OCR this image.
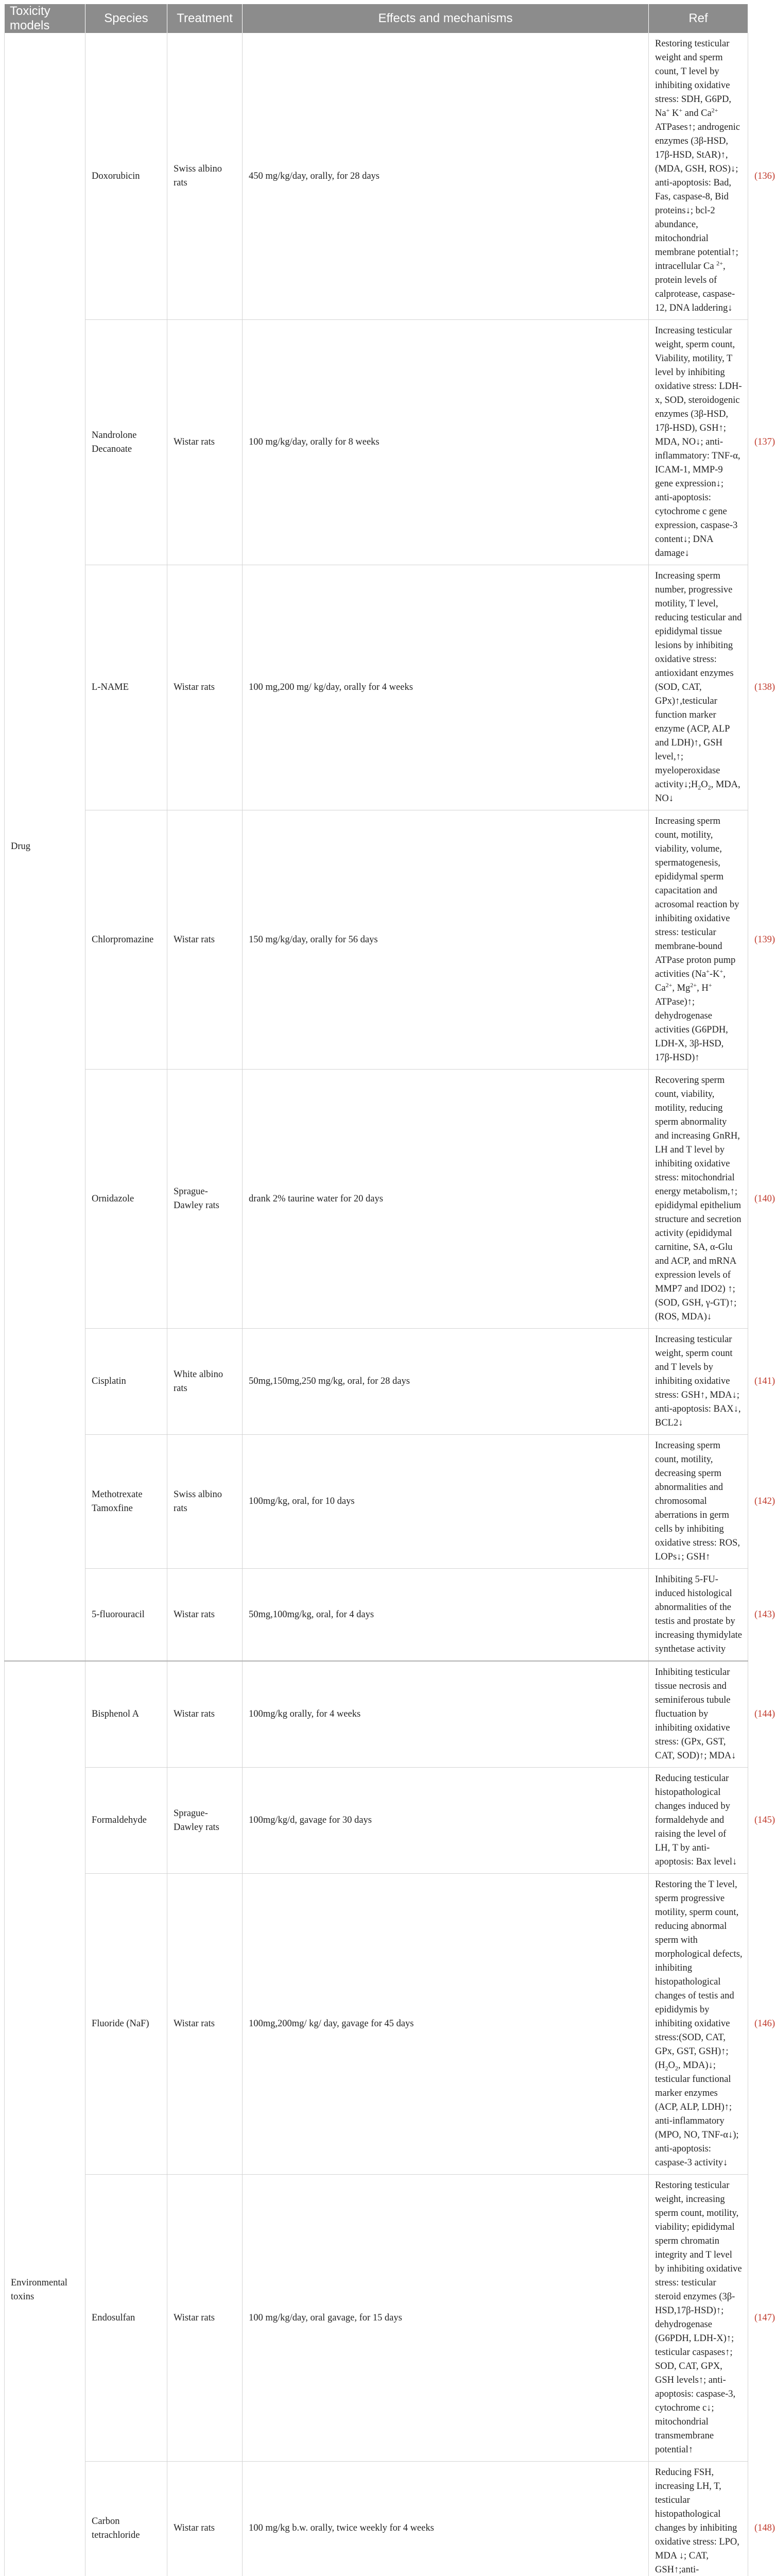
Toxicity models	Species	Treatment	Effects and mechanisms	Ref	
Drug	Doxorubicin	Swiss albino rats	450 mg/kg/day, orally, for 28 days	Restoring testicular weight and sperm count, T level by inhibiting oxidative stress: SDH, G6PD, Na+ K+ and $Ca^{2+}$ ATPases↑; androgenic enzymes (3β-HSD, 17β-HSD, StAR)↑, (MDA, GSH, ROS)↓; anti-apoptosis: Bad, Fas, caspase-8, Bid proteins↓; bcl-2 abundance, mitochondrial membrane potential↑; intracellular Ca $^{2+}$, protein levels of calprotease, caspase-12, DNA laddering↓	(136)
	Nandrolone Decanoate	Wistar rats	100 mg/kg/day, orally for 8 weeks	Increasing testicular weight, sperm count, Viability, motility, T level by inhibiting oxidative stress: LDH-x, SOD, steroidogenic enzymes (3β-HSD, 17β-HSD), GSH↑; MDA, NO↓; anti-inflammatory: TNF-α, ICAM-1, MMP-9 gene expression↓; anti-apoptosis: cytochrome c gene expression, caspase-3 content↓; DNA damage↓	(137)
	L-NAME	Wistar rats	100 mg,200 mg/ kg/day, orally for 4 weeks	Increasing sperm number, progressive motility, T level, reducing testicular and epididymal tissue lesions by inhibiting oxidative stress: antioxidant enzymes (SOD, CAT, GPx)↑,testicular function marker enzyme (ACP, ALP and LDH)↑, GSH level,↑; myeloperoxidase $activity↓;H_2O_2$, MDA, NO↓	(138)
	Chlorpromazine	Wistar rats	150 mg/kg/day, orally for 56 days	Increasing sperm count, motility, viability, volume, spermatogenesis, epididymal sperm capacitation and acrosomal reaction by inhibiting oxidative stress: testicular membrane-bound ATPase proton pump activities (Na+-K+, $Ca^{2+}$, $Mg^{2+}$, H+ ATPase)↑; dehydrogenase activities (G6PDH, LDH-X, 3β-HSD, 17β-HSD)↑	(139)
	Ornidazole	Sprague-Dawley rats	drank 2% taurine water for 20 days	Recovering sperm count, viability, motility, reducing sperm abnormality and increasing GnRH, LH and T level by inhibiting oxidative stress: mitochondrial energy metabolism,↑; epididymal epithelium structure and secretion activity (epididymal carnitine, SA, α-Glu and ACP, and mRNA expression levels of MMP7 and IDO2) ↑; (SOD, GSH, γ-GT)↑;(ROS, MDA)↓	(140)
	Cisplatin	White albino rats	50mg,150mg,250 mg/kg, oral, for 28 days	Increasing testicular weight, sperm count and T levels by inhibiting oxidative stress: GSH↑, MDA↓; anti-apoptosis: BAX↓, BCL2↓	(141)
	Methotrexate Tamoxfine	Swiss albino rats	100mg/kg, oral, for 10 days	Increasing sperm count, motility, decreasing sperm abnormalities and chromosomal aberrations in germ cells by inhibiting oxidative stress: ROS, LOPs↓; GSH↑	(142)
	5-fluorouracil	Wistar rats	50mg,100mg/kg, oral, for 4 days	Inhibiting 5-FU-induced histological abnormalities of the testis and prostate by increasing thymidylate synthetase activity	(143)
Environmental toxins	Bisphenol A	Wistar rats	100mg/kg orally, for 4 weeks	Inhibiting testicular tissue necrosis and seminiferous tubule fluctuation by inhibiting oxidative stress: (GPx, GST, CAT, SOD)↑; MDA↓	(144)
	Formaldehyde	Sprague-Dawley rats	100mg/kg/d, gavage for 30 days	Reducing testicular histopathological changes induced by formaldehyde and raising the level of LH, T by anti-apoptosis: Bax level↓	(145)
	Fluoride (NaF)	Wistar rats	100mg,200mg/ kg/ day, gavage for 45 days	Restoring the T level, sperm progressive motility, sperm count, reducing abnormal sperm with morphological defects, inhibiting histopathological changes of testis and epididymis by inhibiting oxidative stress:(SOD, CAT, GPx, GST, GSH)↑; ($H_2O_2$, MDA)↓; testicular functional marker enzymes (ACP, ALP, LDH)↑;
anti-inflammatory (MPO, NO, TNF-α↓);
anti-apoptosis: caspase-3 activity↓	(146)
	Endosulfan	Wistar rats	100 mg/kg/day, oral gavage, for 15 days	Restoring testicular weight, increasing sperm count, motility, viability; epididymal sperm chromatin integrity and T level by inhibiting oxidative stress: testicular steroid enzymes (3β-HSD,17β-HSD)↑; dehydrogenase (G6PDH, LDH-X)↑; testicular caspases↑; SOD, CAT, GPX, GSH levels↑; anti-apoptosis: caspase-3, cytochrome c↓; mitochondrial transmembrane potential↑	(147)
	Carbon tetrachloride	Wistar rats	100 mg/kg b.w. orally, twice weekly for 4 weeks	Reducing FSH, increasing LH, T, testicular histopathological changes by inhibiting oxidative stress: LPO, MDA ↓; CAT, GSH↑;anti-	(148)
